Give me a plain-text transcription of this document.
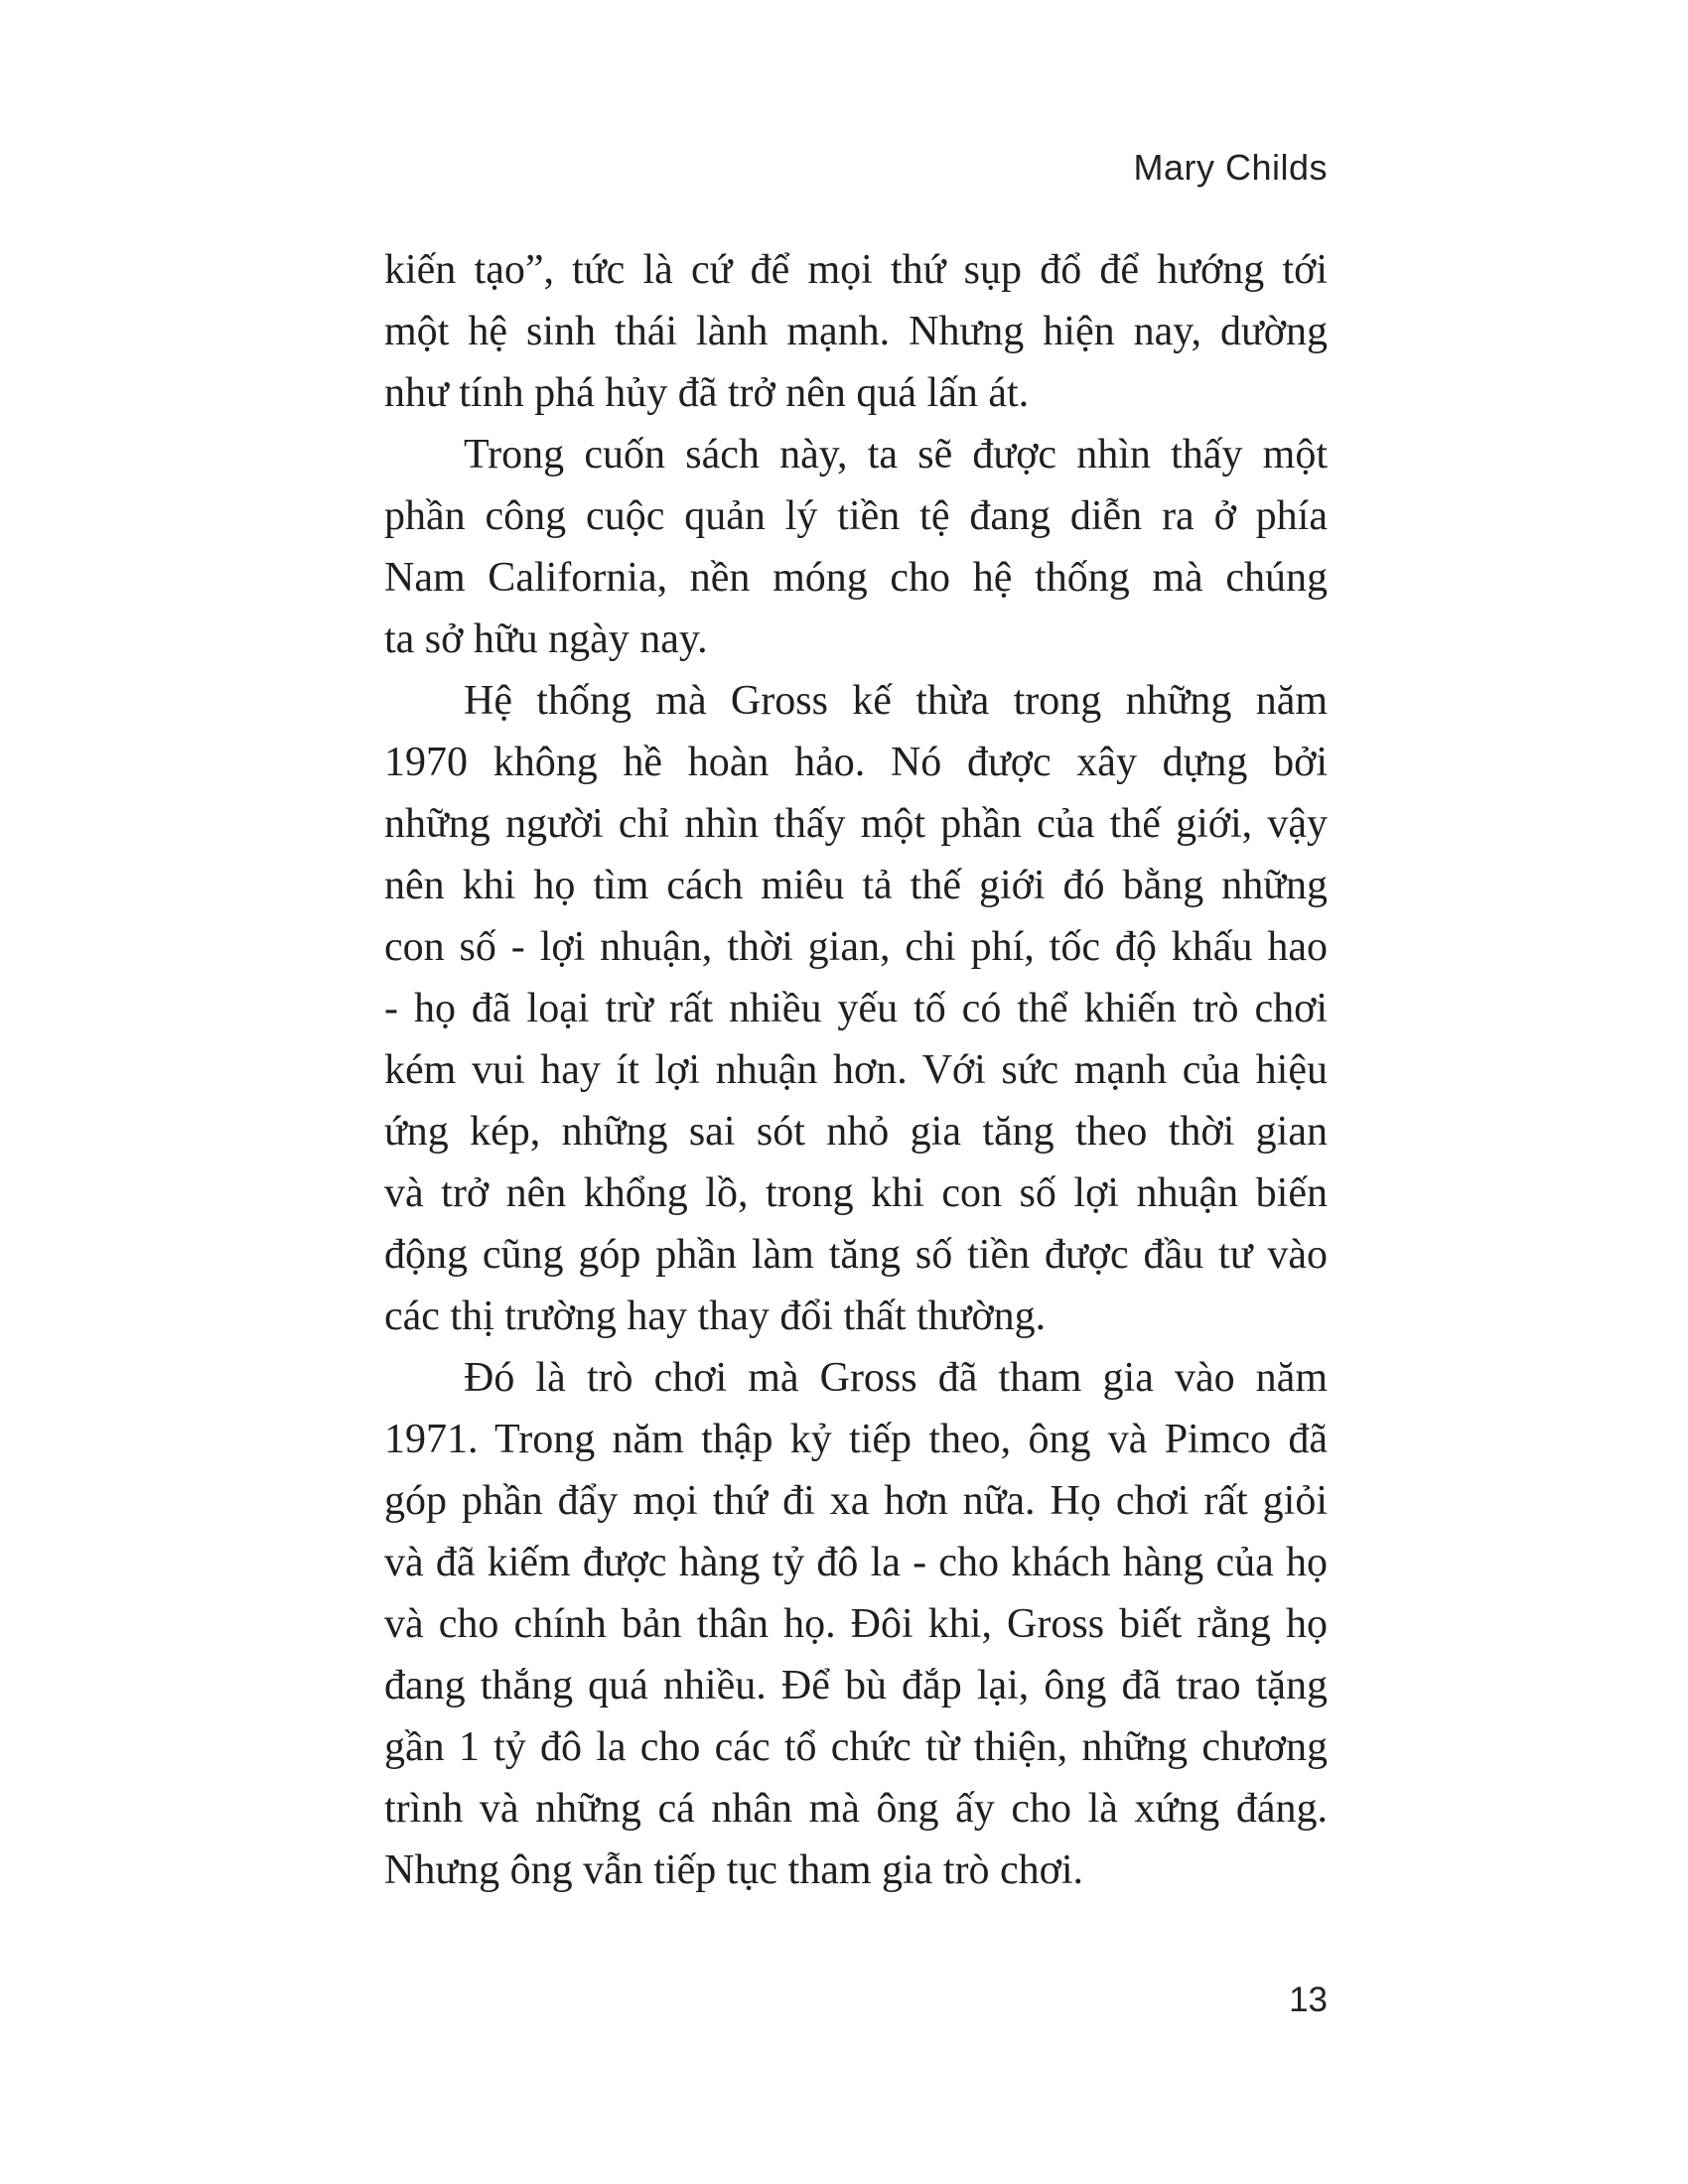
Mary Childs
kiến tạo”, tức là cứ để mọi thứ sụp đổ để hướng tới
một hệ sinh thái lành mạnh. Nhưng hiện nay, dường
như tính phá hủy đã trở nên quá lấn át.
Trong cuốn sách này, ta sẽ được nhìn thấy một
phần công cuộc quản lý tiền tệ đang diễn ra ở phía
Nam California, nền móng cho hệ thống mà chúng
ta sở hữu ngày nay.
Hệ thống mà Gross kế thừa trong những năm
1970 không hề hoàn hảo. Nó được xây dựng bởi
những người chỉ nhìn thấy một phần của thế giới, vậy
nên khi họ tìm cách miêu tả thế giới đó bằng những
con số - lợi nhuận, thời gian, chi phí, tốc độ khấu hao
- họ đã loại trừ rất nhiều yếu tố có thể khiến trò chơi
kém vui hay ít lợi nhuận hơn. Với sức mạnh của hiệu
ứng kép, những sai sót nhỏ gia tăng theo thời gian
và trở nên khổng lồ, trong khi con số lợi nhuận biến
động cũng góp phần làm tăng số tiền được đầu tư vào
các thị trường hay thay đổi thất thường.
Đó là trò chơi mà Gross đã tham gia vào năm
1971. Trong năm thập kỷ tiếp theo, ông và Pimco đã
góp phần đẩy mọi thứ đi xa hơn nữa. Họ chơi rất giỏi
và đã kiếm được hàng tỷ đô la - cho khách hàng của họ
và cho chính bản thân họ. Đôi khi, Gross biết rằng họ
đang thắng quá nhiều. Để bù đắp lại, ông đã trao tặng
gần 1 tỷ đô la cho các tổ chức từ thiện, những chương
trình và những cá nhân mà ông ấy cho là xứng đáng.
Nhưng ông vẫn tiếp tục tham gia trò chơi.
13
